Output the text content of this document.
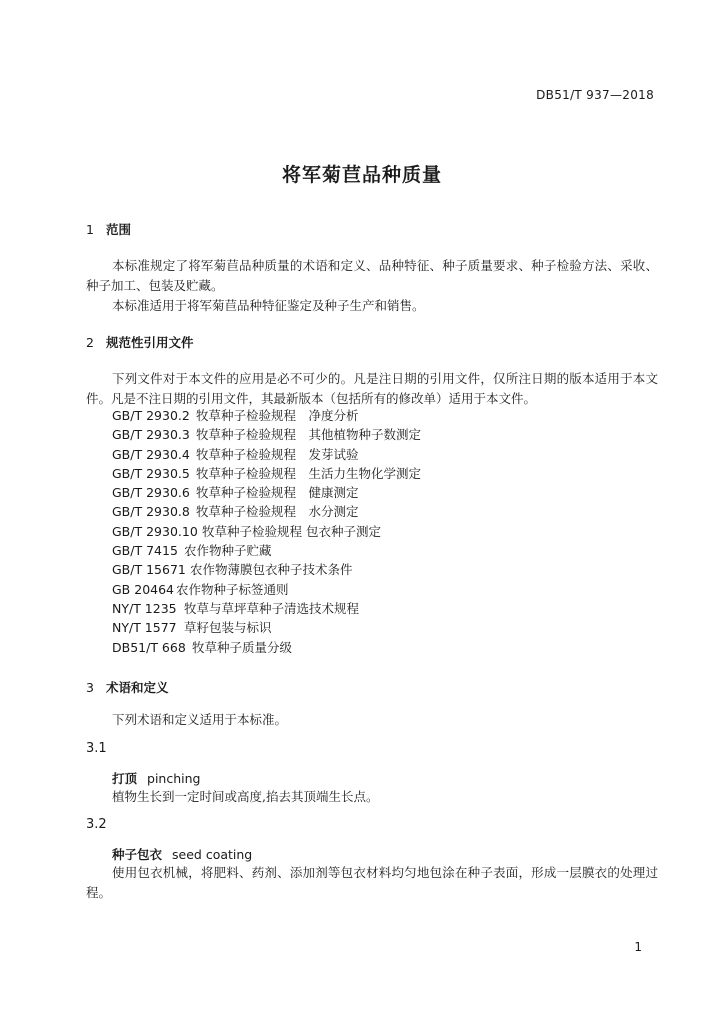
DB51/T 937—2018
将军菊苣品种质量
1 范围
本标准规定了将军菊苣品种质量的术语和定义、品种特征、种子质量要求、种子检验方法、采收、种子加工、包装及贮藏。
本标准适用于将军菊苣品种特征鉴定及种子生产和销售。
2 规范性引用文件
下列文件对于本文件的应用是必不可少的。凡是注日期的引用文件，仅所注日期的版本适用于本文件。凡是不注日期的引用文件，其最新版本（包括所有的修改单）适用于本文件。
GB/T 2930.2 牧草种子检验规程　净度分析
GB/T 2930.3 牧草种子检验规程　其他植物种子数测定
GB/T 2930.4 牧草种子检验规程　发芽试验
GB/T 2930.5 牧草种子检验规程　生活力生物化学测定
GB/T 2930.6 牧草种子检验规程　健康测定
GB/T 2930.8 牧草种子检验规程　水分测定
GB/T 2930.10 牧草种子检验规程 包衣种子测定
GB/T 7415 农作物种子贮藏
GB/T 15671 农作物薄膜包衣种子技术条件
GB 20464 农作物种子标签通则
NY/T 1235 牧草与草坪草种子清选技术规程
NY/T 1577 草籽包装与标识
DB51/T 668 牧草种子质量分级
3 术语和定义
下列术语和定义适用于本标准。
3.1
打顶 pinching
植物生长到一定时间或高度,掐去其顶端生长点。
3.2
种子包衣 seed coating
使用包衣机械，将肥料、药剂、添加剂等包衣材料均匀地包涂在种子表面，形成一层膜衣的处理过程。
1
